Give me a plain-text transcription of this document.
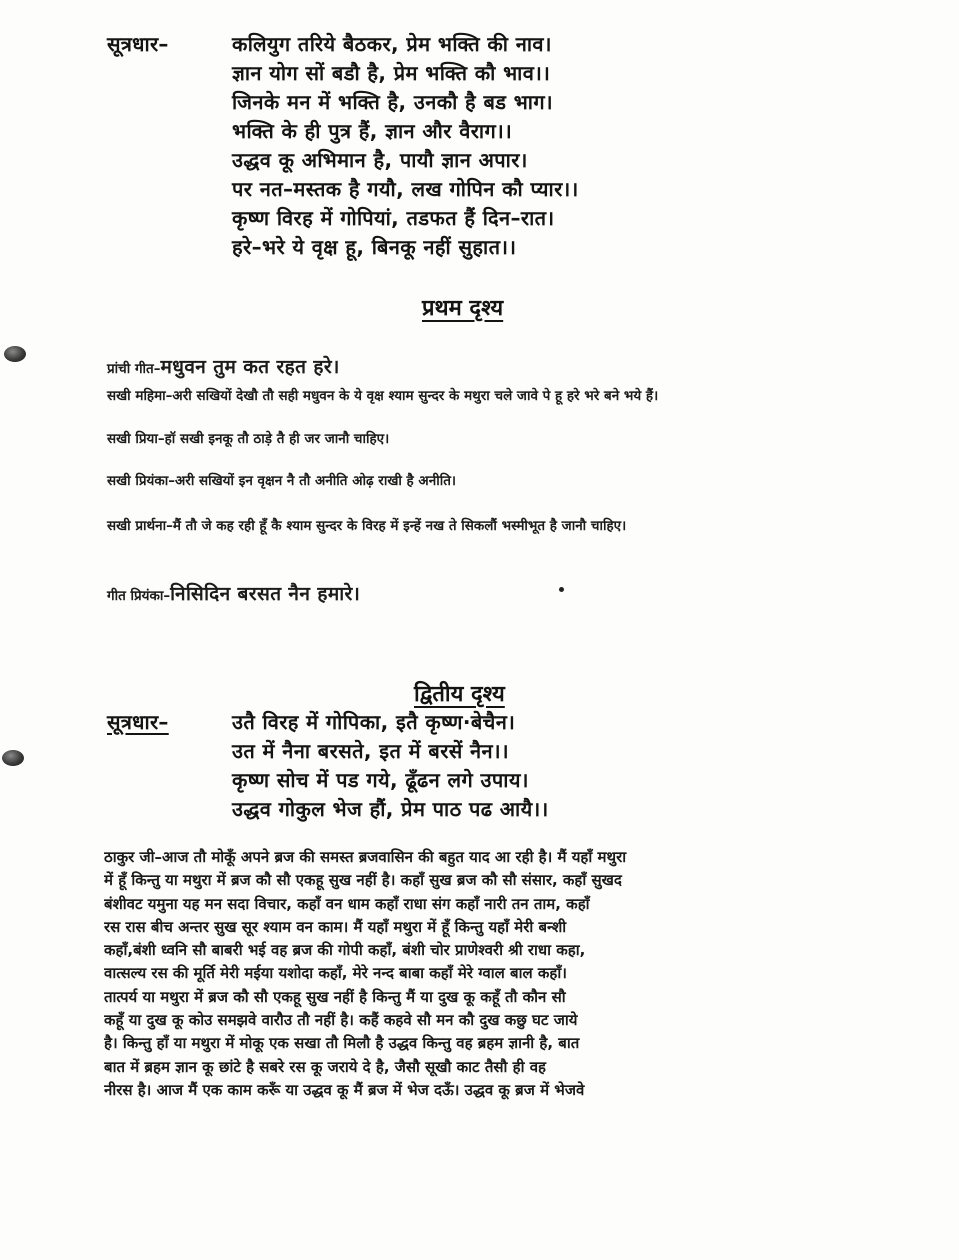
सूत्रधार–	कलियुग तरिये बैठकर, प्रेम भक्ति की नाव।
ज्ञान योग सों बडौ है, प्रेम भक्ति कौ भाव।।
जिनके मन में भक्ति है, उनकौ है बड भाग।
भक्ति के ही पुत्र हैं, ज्ञान और वैराग।।
उद्धव कू अभिमान है, पायौ ज्ञान अपार।
पर नत–मस्तक है गयौ, लख गोपिन कौ प्यार।।
कृष्ण विरह में गोपियां, तडफत हैं दिन–रात।
हरे–भरे ये वृक्ष हू, बिनकू नहीं सुहात।।
प्रथम दृश्य
प्रांची गीत–मधुवन तुम कत रहत हरे।
सखी महिमा–अरी सखियों देखौ तौ सही मधुवन के ये वृक्ष श्याम सुन्दर के मथुरा चले जावे पे हू हरे भरे बने भये हैं।
सखी प्रिया–हॉ सखी इनकू तौ ठाड़े तै ही जर जानौ चाहिए।
सखी प्रियंका–अरी सखियों इन वृक्षन नै तौ अनीति ओढ़ राखी है अनीति।
सखी प्रार्थना–मैं तौ जे कह रही हूँ कै श्याम सुन्दर के विरह में इन्हें नख ते सिकलौं भस्मीभूत है जानौ चाहिए।
गीत प्रियंका–निसिदिन बरसत नैन हमारे।
द्वितीय दृश्य
सूत्रधार–	उतै विरह में गोपिका, इतै कृष्ण·बेचैन।
उत में नैना बरसते, इत में बरसें नैन।।
कृष्ण सोच में पड गये, ढूँढन लगे उपाय।
उद्धव गोकुल भेज हौं, प्रेम पाठ पढ आयै।।
ठाकुर जी–आज तौ मोकूँ अपने ब्रज की समस्त ब्रजवासिन की बहुत याद आ रही है। मैं यहॉं मथुरा
में हूँ किन्तु या मथुरा में ब्रज कौ सौ एकहू सुख नहीं है। कहॉं सुख ब्रज कौ सौ संसार, कहॉं सुखद
बंशीवट यमुना यह मन सदा विचार, कहॉं वन धाम कहॉं राधा संग कहॉं नारी तन ताम, कहॉं
रस रास बीच अन्तर सुख सूर श्याम वन काम। मैं यहॉं मथुरा में हूँ किन्तु यहॉं मेरी बन्शी
कहॉं,बंशी ध्वनि सौ बाबरी भई वह ब्रज की गोपी कहॉं, बंशी चोर प्राणेश्वरी श्री राधा कहा,
वात्सल्य रस की मूर्ति मेरी मईया यशोदा कहॉं, मेरे नन्द बाबा कहॉं मेरे ग्वाल बाल कहॉं।
तात्पर्य या मथुरा में ब्रज कौ सौ एकहू सुख नहीं है किन्तु मैं या दुख कू कहूँ तौ कौन सौ
कहूँ या दुख कू कोउ समझवे वारौउ तौ नहीं है। कहैं कहवे सौ मन कौ दुख कछु घट जाये
है। किन्तु हॉं या मथुरा में मोकू एक सखा तौ मिलौ है उद्धव किन्तु वह ब्रहम ज्ञानी है, बात
बात में ब्रहम ज्ञान कू छांटे है सबरे रस कू जराये दे है, जैसौ सूखौ काट तैसौ ही वह
नीरस है। आज मैं एक काम करूँ या उद्धव कू मैं ब्रज में भेज दऊँ। उद्धव कू ब्रज में भेजवे
